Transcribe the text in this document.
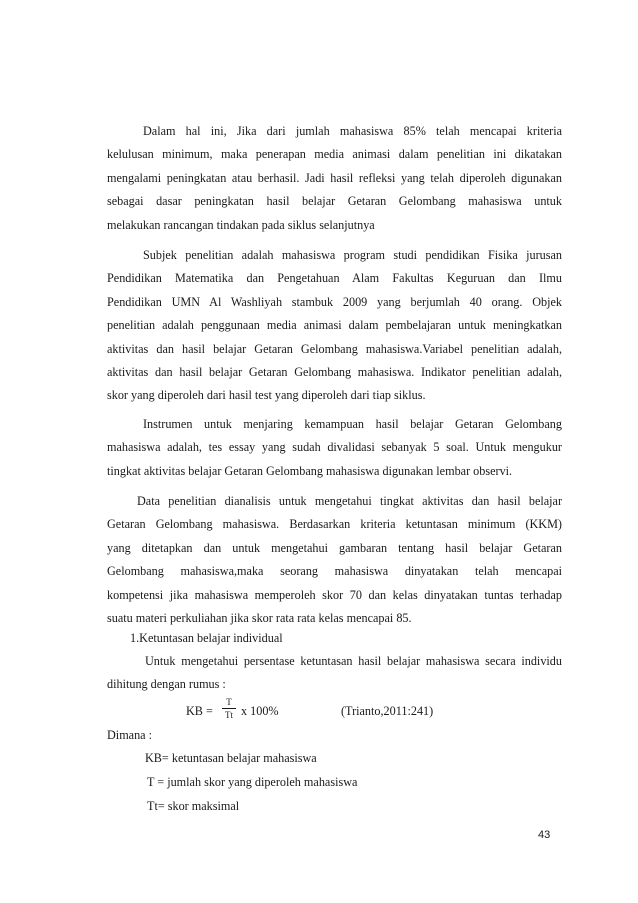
Dalam hal ini, Jika dari jumlah mahasiswa 85% telah mencapai kriteria
kelulusan minimum, maka penerapan media animasi dalam penelitian ini dikatakan
mengalami peningkatan atau berhasil. Jadi hasil refleksi yang telah diperoleh digunakan
sebagai dasar peningkatan hasil belajar Getaran Gelombang mahasiswa untuk
melakukan rancangan tindakan pada siklus selanjutnya
Subjek penelitian adalah mahasiswa program studi pendidikan Fisika jurusan
Pendidikan Matematika dan Pengetahuan Alam Fakultas Keguruan dan Ilmu
Pendidikan UMN Al Washliyah stambuk 2009 yang berjumlah 40 orang. Objek
penelitian adalah penggunaan media animasi dalam pembelajaran untuk meningkatkan
aktivitas dan hasil belajar Getaran Gelombang mahasiswa.Variabel penelitian adalah,
aktivitas dan hasil belajar Getaran Gelombang mahasiswa. Indikator penelitian adalah,
skor yang diperoleh dari hasil test yang diperoleh dari tiap siklus.
Instrumen untuk menjaring kemampuan hasil belajar Getaran Gelombang
mahasiswa adalah, tes essay yang sudah divalidasi sebanyak 5 soal. Untuk mengukur
tingkat aktivitas belajar Getaran Gelombang mahasiswa digunakan lembar observi.
Data penelitian dianalisis untuk mengetahui tingkat aktivitas dan hasil belajar
Getaran Gelombang mahasiswa. Berdasarkan kriteria ketuntasan minimum (KKM)
yang ditetapkan dan untuk mengetahui gambaran tentang hasil belajar Getaran
Gelombang mahasiswa,maka seorang mahasiswa dinyatakan telah mencapai
kompetensi jika mahasiswa memperoleh skor 70 dan kelas dinyatakan tuntas terhadap
suatu materi perkuliahan jika skor rata rata kelas mencapai 85.
1.Ketuntasan belajar individual
Untuk mengetahui persentase ketuntasan hasil belajar mahasiswa secara individu
dihitung dengan rumus :
KB =
T
Tt x 100%	(Trianto,2011:241)
Dimana :
KB= ketuntasan belajar mahasiswa
T = jumlah skor yang diperoleh mahasiswa
Tt= skor maksimal
43
